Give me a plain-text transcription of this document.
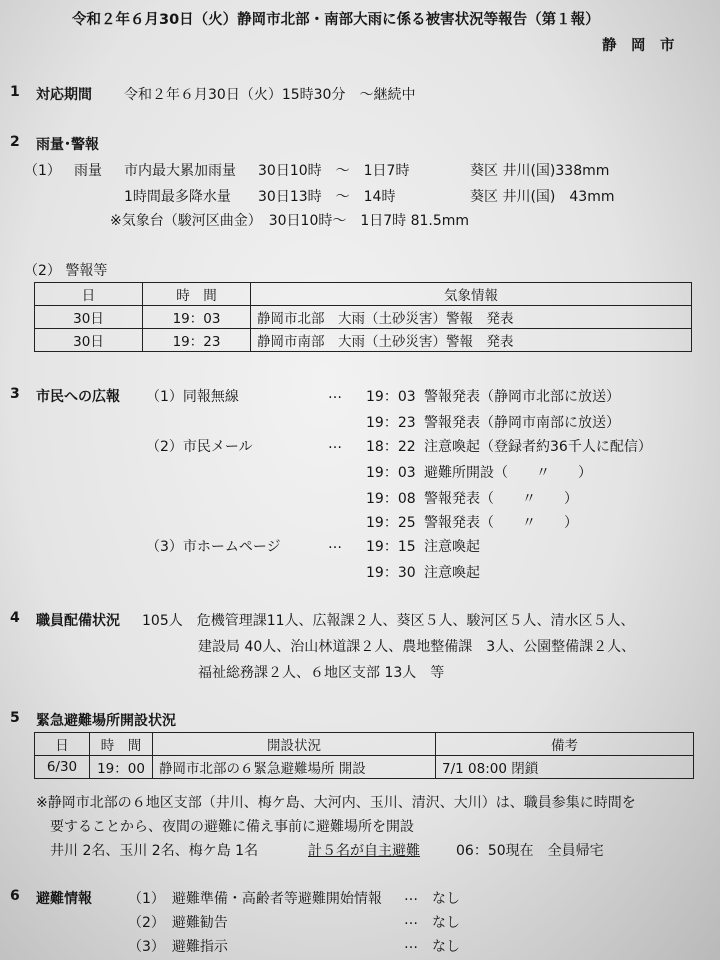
令和２年６月30日（火）静岡市北部・南部大雨に係る被害状況等報告（第１報）
静　岡　市
1 対応期間 令和２年６月30日（火）15時30分　～継続中
2 雨量･警報
（1） 雨量 市内最大累加雨量 30日10時　～　1日7時	葵区 井川(国)338mm
1時間最多降水量 30日13時　～　14時	葵区 井川(国)　43mm
※気象台（駿河区曲金）　30日10時～　1日7時 81.5mm
（2） 警報等
日	時　間	気象情報
30日	19：03	静岡市北部　大雨（土砂災害）警報　発表
30日	19：23	静岡市南部　大雨（土砂災害）警報　発表
3 市民への広報 （1）同報無線	… 19：03 警報発表（静岡市北部に放送）
19：23 警報発表（静岡市南部に放送）
（2）市民メール	… 18：22 注意喚起（登録者約36千人に配信）
19：03 避難所開設（　　〃　　）
19：08 警報発表（　　〃　　）
19：25 警報発表（　　〃　　）
（3）市ホームページ	… 19：15 注意喚起
19：30 注意喚起
4 職員配備状況 105人　危機管理課11人、広報課２人、葵区５人、駿河区５人、清水区５人、
建設局 40人、治山林道課２人、農地整備課　3人、公園整備課２人、
福祉総務課２人、６地区支部 13人　等
5 緊急避難場所開設状況
日	時　間	開設状況	備考
6/30	19：00	静岡市北部の６緊急避難場所 開設	7/1 08:00 閉鎖
※静岡市北部の６地区支部（井川、梅ケ島、大河内、玉川、清沢、大川）は、職員参集に時間を
要することから、夜間の避難に備え事前に避難場所を開設
井川 2名、玉川 2名、梅ケ島 1名	計５名が自主避難	06：50現在　全員帰宅
6 避難情報	（1）　避難準備・高齢者等避難開始情報 … なし
（2）　避難勧告	… なし
（3）　避難指示	… なし
